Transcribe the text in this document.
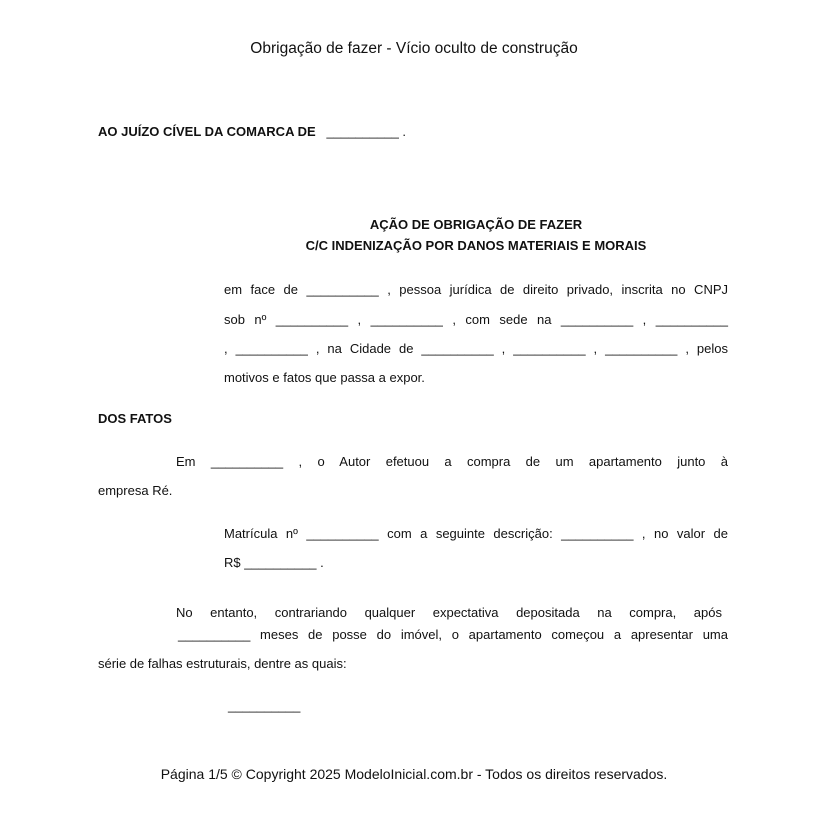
Obrigação de fazer - Vício oculto de construção
AO JUÍZO CÍVEL DA COMARCA DE __________ .
AÇÃO DE OBRIGAÇÃO DE FAZER
C/C INDENIZAÇÃO POR DANOS MATERIAIS E MORAIS
em face de __________ , pessoa jurídica de direito privado, inscrita no CNPJ
sob nº __________ , __________ , com sede na __________ , __________
, __________ , na Cidade de __________ , __________ , __________ , pelos
motivos e fatos que passa a expor.
DOS FATOS
Em __________ , o Autor efetuou a compra de um apartamento junto à
empresa Ré.
Matrícula nº __________ com a seguinte descrição: __________ , no valor de
R$ __________ .
No entanto, contrariando qualquer expectativa depositada na compra, após
__________ meses de posse do imóvel, o apartamento começou a apresentar uma
série de falhas estruturais, dentre as quais:
__________
Página 1/5 © Copyright 2025 ModeloInicial.com.br - Todos os direitos reservados.
